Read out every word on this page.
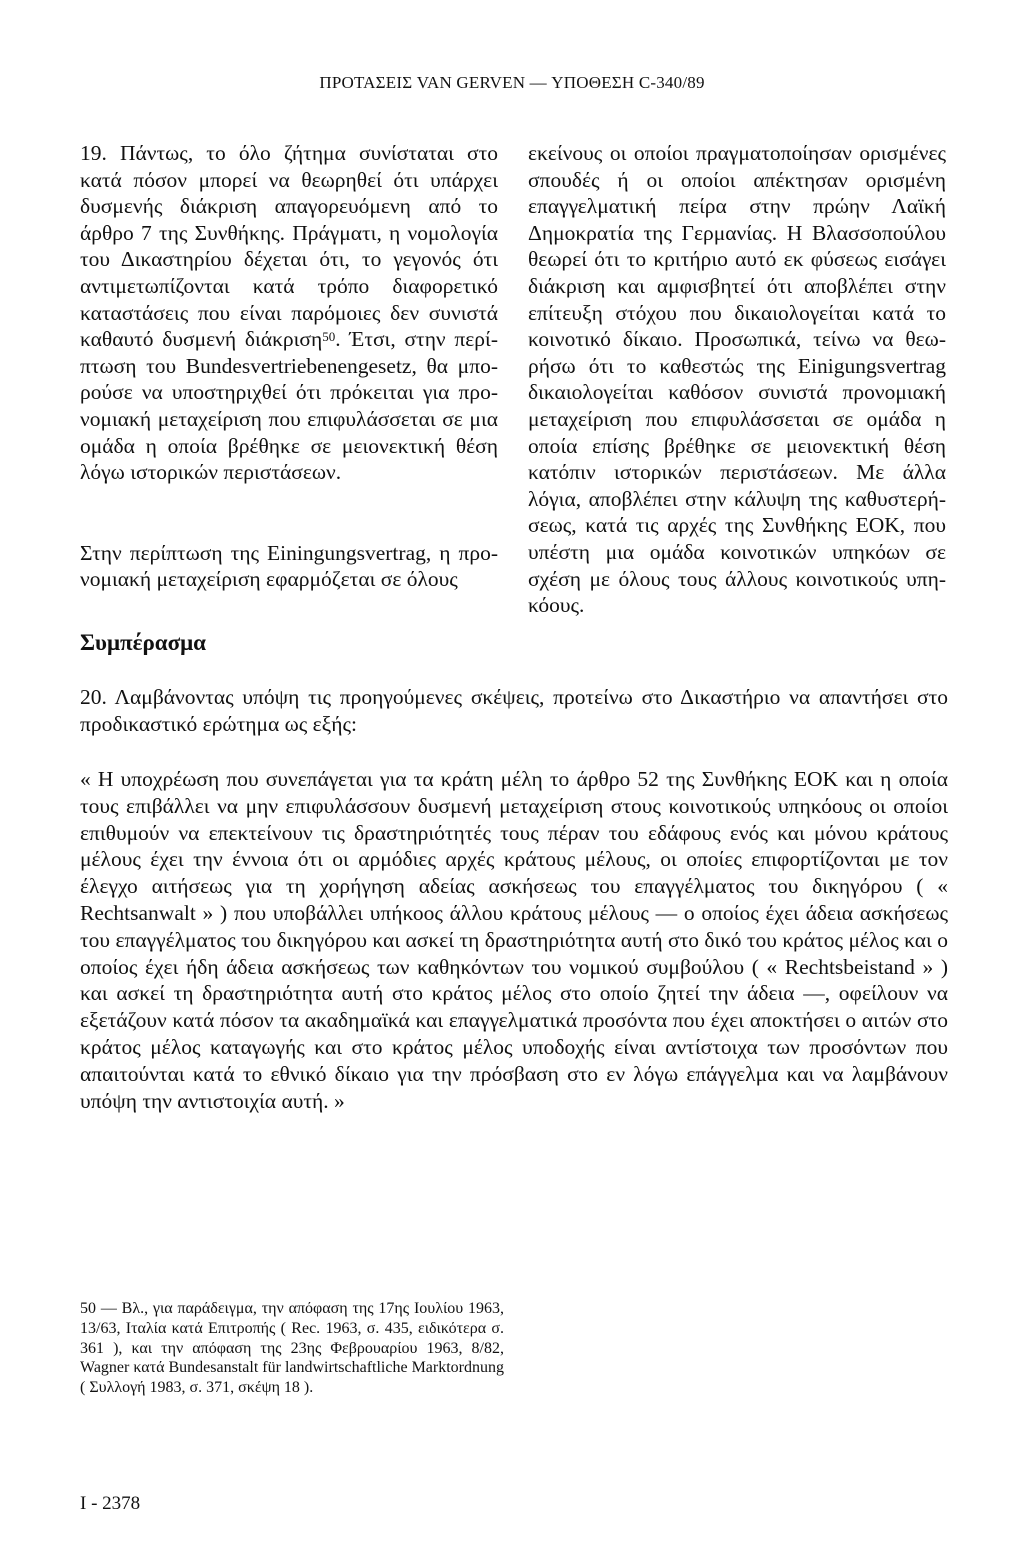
ΠΡΟΤΑΣΕΙΣ VAN GERVEN — ΥΠΟΘΕΣΗ C-340/89

19. Πάντως, το όλο ζήτημα συνίσταται στο κατά πόσον μπορεί να θεωρηθεί ότι υπάρχει δυσμενής διάκριση απαγορευόμενη από το άρθρο 7 της Συνθήκης. Πράγματι, η νομολογία του Δικαστηρίου δέχεται ότι, το γεγονός ότι αντιμετωπίζονται κατά τρόπο διαφορετικό καταστάσεις που είναι παρόμοιες δεν συνιστά καθαυτό δυσμενή διάκριση$^{50}$. Έτσι, στην περίπτωση του Bundesvertriebenengesetz, θα μπορούσε να υποστηριχθεί ότι πρόκειται για προνομιακή μεταχείριση που επιφυλάσσεται σε μια ομάδα η οποία βρέθηκε σε μειονεκτική θέση λόγω ιστορικών περιστάσεων.

Στην περίπτωση της Einingungsvertrag, η προνομιακή μεταχείριση εφαρμόζεται σε όλους

εκείνους οι οποίοι πραγματοποίησαν ορισμένες σπουδές ή οι οποίοι απέκτησαν ορισμένη επαγγελματική πείρα στην πρώην Λαϊκή Δημοκρατία της Γερμανίας. Η Βλασσοπούλου θεωρεί ότι το κριτήριο αυτό εκ φύσεως εισάγει διάκριση και αμφισβητεί ότι αποβλέπει στην επίτευξη στόχου που δικαιολογείται κατά το κοινοτικό δίκαιο. Προσωπικά, τείνω να θεωρήσω ότι το καθεστώς της Einigungsvertrag δικαιολογείται καθόσον συνιστά προνομιακή μεταχείριση που επιφυλάσσεται σε ομάδα η οποία επίσης βρέθηκε σε μειονεκτική θέση κατόπιν ιστορικών περιστάσεων. Με άλλα λόγια, αποβλέπει στην κάλυψη της καθυστερήσεως, κατά τις αρχές της Συνθήκης ΕΟΚ, που υπέστη μια ομάδα κοινοτικών υπηκόων σε σχέση με όλους τους άλλους κοινοτικούς υπηκόους.

Συμπέρασμα

20. Λαμβάνοντας υπόψη τις προηγούμενες σκέψεις, προτείνω στο Δικαστήριο να απαντήσει στο προδικαστικό ερώτημα ως εξής:

« Η υποχρέωση που συνεπάγεται για τα κράτη μέλη το άρθρο 52 της Συνθήκης ΕΟΚ και η οποία τους επιβάλλει να μην επιφυλάσσουν δυσμενή μεταχείριση στους κοινοτικούς υπηκόους οι οποίοι επιθυμούν να επεκτείνουν τις δραστηριότητές τους πέραν του εδάφους ενός και μόνου κράτους μέλους έχει την έννοια ότι οι αρμόδιες αρχές κράτους μέλους, οι οποίες επιφορτίζονται με τον έλεγχο αιτήσεως για τη χορήγηση αδείας ασκήσεως του επαγγέλματος του δικηγόρου ( « Rechtsanwalt » ) που υποβάλλει υπήκοος άλλου κράτους μέλους — ο οποίος έχει άδεια ασκήσεως του επαγγέλματος του δικηγόρου και ασκεί τη δραστηριότητα αυτή στο δικό του κράτος μέλος και ο οποίος έχει ήδη άδεια ασκήσεως των καθηκόντων του νομικού συμβούλου ( « Rechtsbeistand » ) και ασκεί τη δραστηριότητα αυτή στο κράτος μέλος στο οποίο ζητεί την άδεια —, οφείλουν να εξετάζουν κατά πόσον τα ακαδημαϊκά και επαγγελματικά προσόντα που έχει αποκτήσει ο αιτών στο κράτος μέλος καταγωγής και στο κράτος μέλος υποδοχής είναι αντίστοιχα των προσόντων που απαιτούνται κατά το εθνικό δίκαιο για την πρόσβαση στο εν λόγω επάγγελμα και να λαμβάνουν υπόψη την αντιστοιχία αυτή. »

50 — Βλ., για παράδειγμα, την απόφαση της 17ης Ιουλίου 1963, 13/63, Ιταλία κατά Επιτροπής ( Rec. 1963, σ. 435, ειδικότερα σ. 361 ), και την απόφαση της 23ης Φεβρουαρίου 1963, 8/82, Wagner κατά Bundesanstalt für landwirtschaftliche Marktordnung ( Συλλογή 1983, σ. 371, σκέψη 18 ).
I - 2378
